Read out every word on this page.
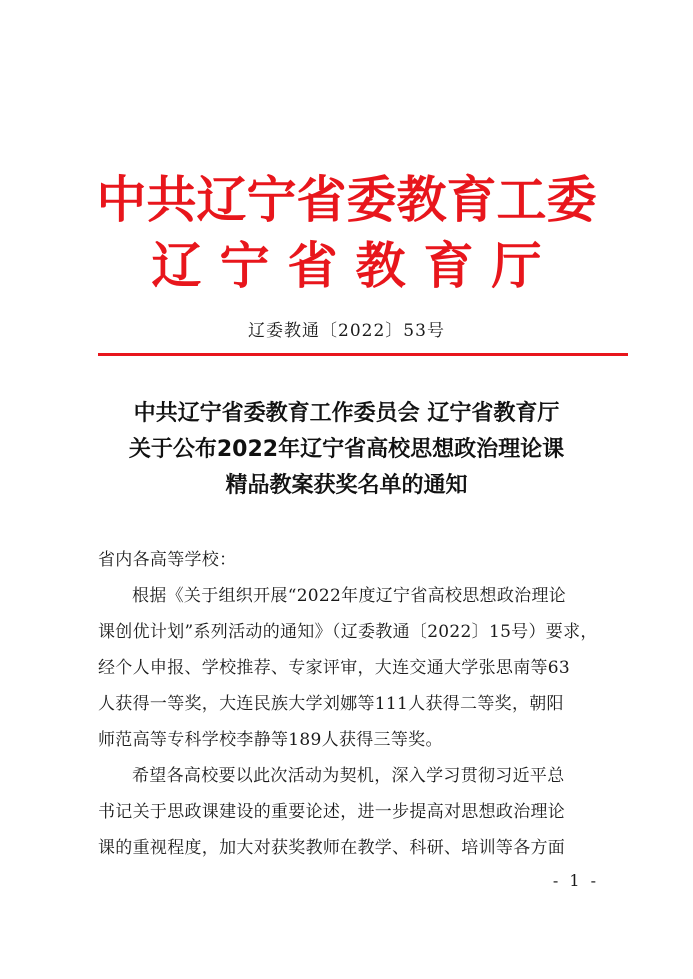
中共辽宁省委教育工委
辽宁省教育厅
辽委教通〔2022〕53号
中共辽宁省委教育工作委员会 辽宁省教育厅
关于公布2022年辽宁省高校思想政治理论课
精品教案获奖名单的通知
省内各高等学校：
根据《关于组织开展“2022年度辽宁省高校思想政治理论
课创优计划”系列活动的通知》（辽委教通〔2022〕15号）要求，
经个人申报、学校推荐、专家评审，大连交通大学张思南等63
人获得一等奖，大连民族大学刘娜等111人获得二等奖，朝阳
师范高等专科学校李静等189人获得三等奖。
希望各高校要以此次活动为契机，深入学习贯彻习近平总
书记关于思政课建设的重要论述，进一步提高对思想政治理论
课的重视程度，加大对获奖教师在教学、科研、培训等各方面
- 1 -
